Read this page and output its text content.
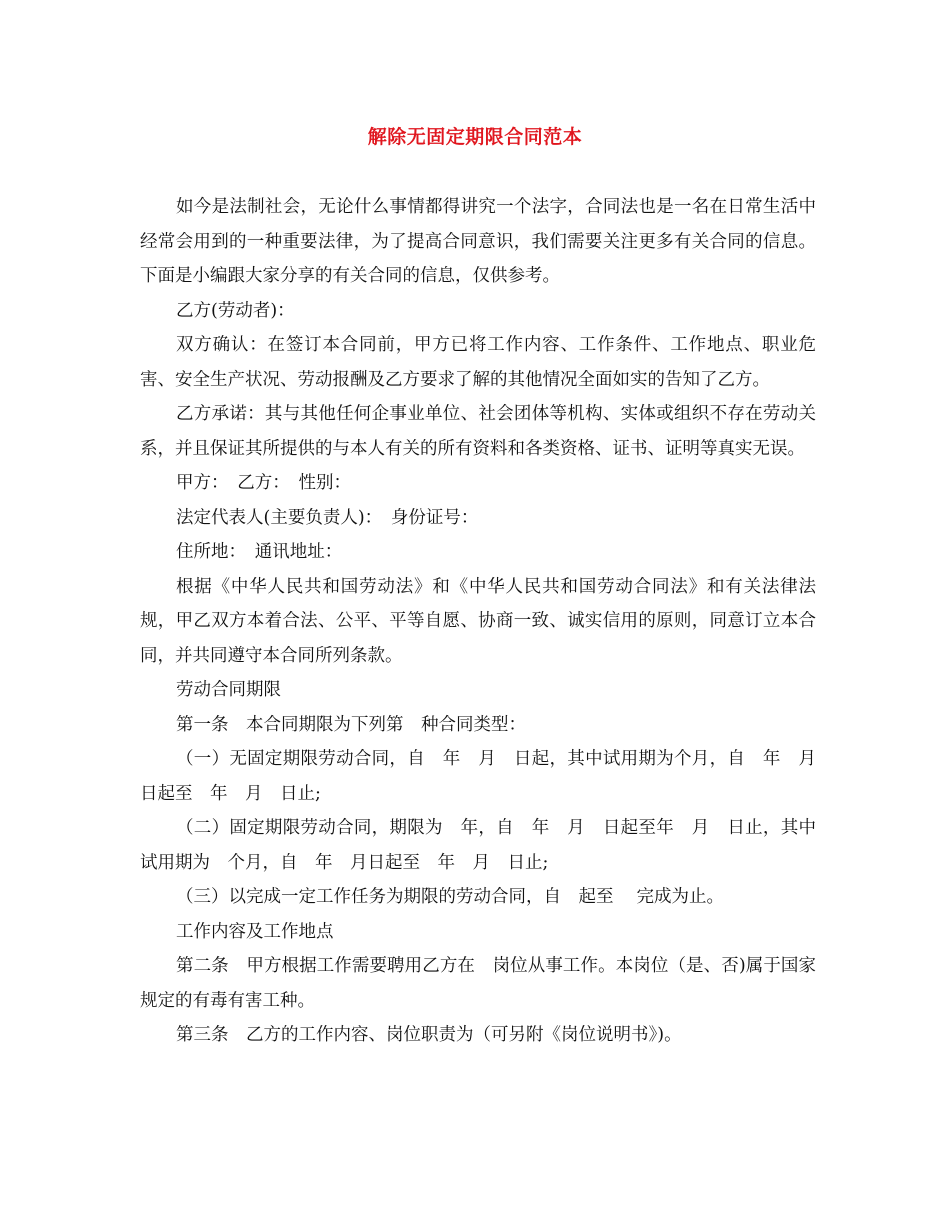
解除无固定期限合同范本

如今是法制社会，无论什么事情都得讲究一个法字，合同法也是一名在日常生活中经常会用到的一种重要法律，为了提高合同意识，我们需要关注更多有关合同的信息。下面是小编跟大家分享的有关合同的信息，仅供参考。

乙方(劳动者)：

双方确认：在签订本合同前，甲方已将工作内容、工作条件、工作地点、职业危害、安全生产状况、劳动报酬及乙方要求了解的其他情况全面如实的告知了乙方。

乙方承诺：其与其他任何企事业单位、社会团体等机构、实体或组织不存在劳动关系，并且保证其所提供的与本人有关的所有资料和各类资格、证书、证明等真实无误。

甲方：　乙方：　性别：

法定代表人(主要负责人)：　身份证号：

住所地：　通讯地址：

根据《中华人民共和国劳动法》和《中华人民共和国劳动合同法》和有关法律法规，甲乙双方本着合法、公平、平等自愿、协商一致、诚实信用的原则，同意订立本合同，并共同遵守本合同所列条款。

劳动合同期限

第一条　本合同期限为下列第　种合同类型：

（一）无固定期限劳动合同，自　年　月　日起，其中试用期为个月，自　年　月　日起至　年　月　日止;

（二）固定期限劳动合同，期限为　年，自　年　月　日起至年　月　日止，其中试用期为　个月，自　年　月日起至　年　月　日止;

（三）以完成一定工作任务为期限的劳动合同，自　起至　 完成为止。

工作内容及工作地点

第二条　甲方根据工作需要聘用乙方在　岗位从事工作。本岗位（是、否)属于国家规定的有毒有害工种。

第三条　乙方的工作内容、岗位职责为（可另附《岗位说明书》)。
